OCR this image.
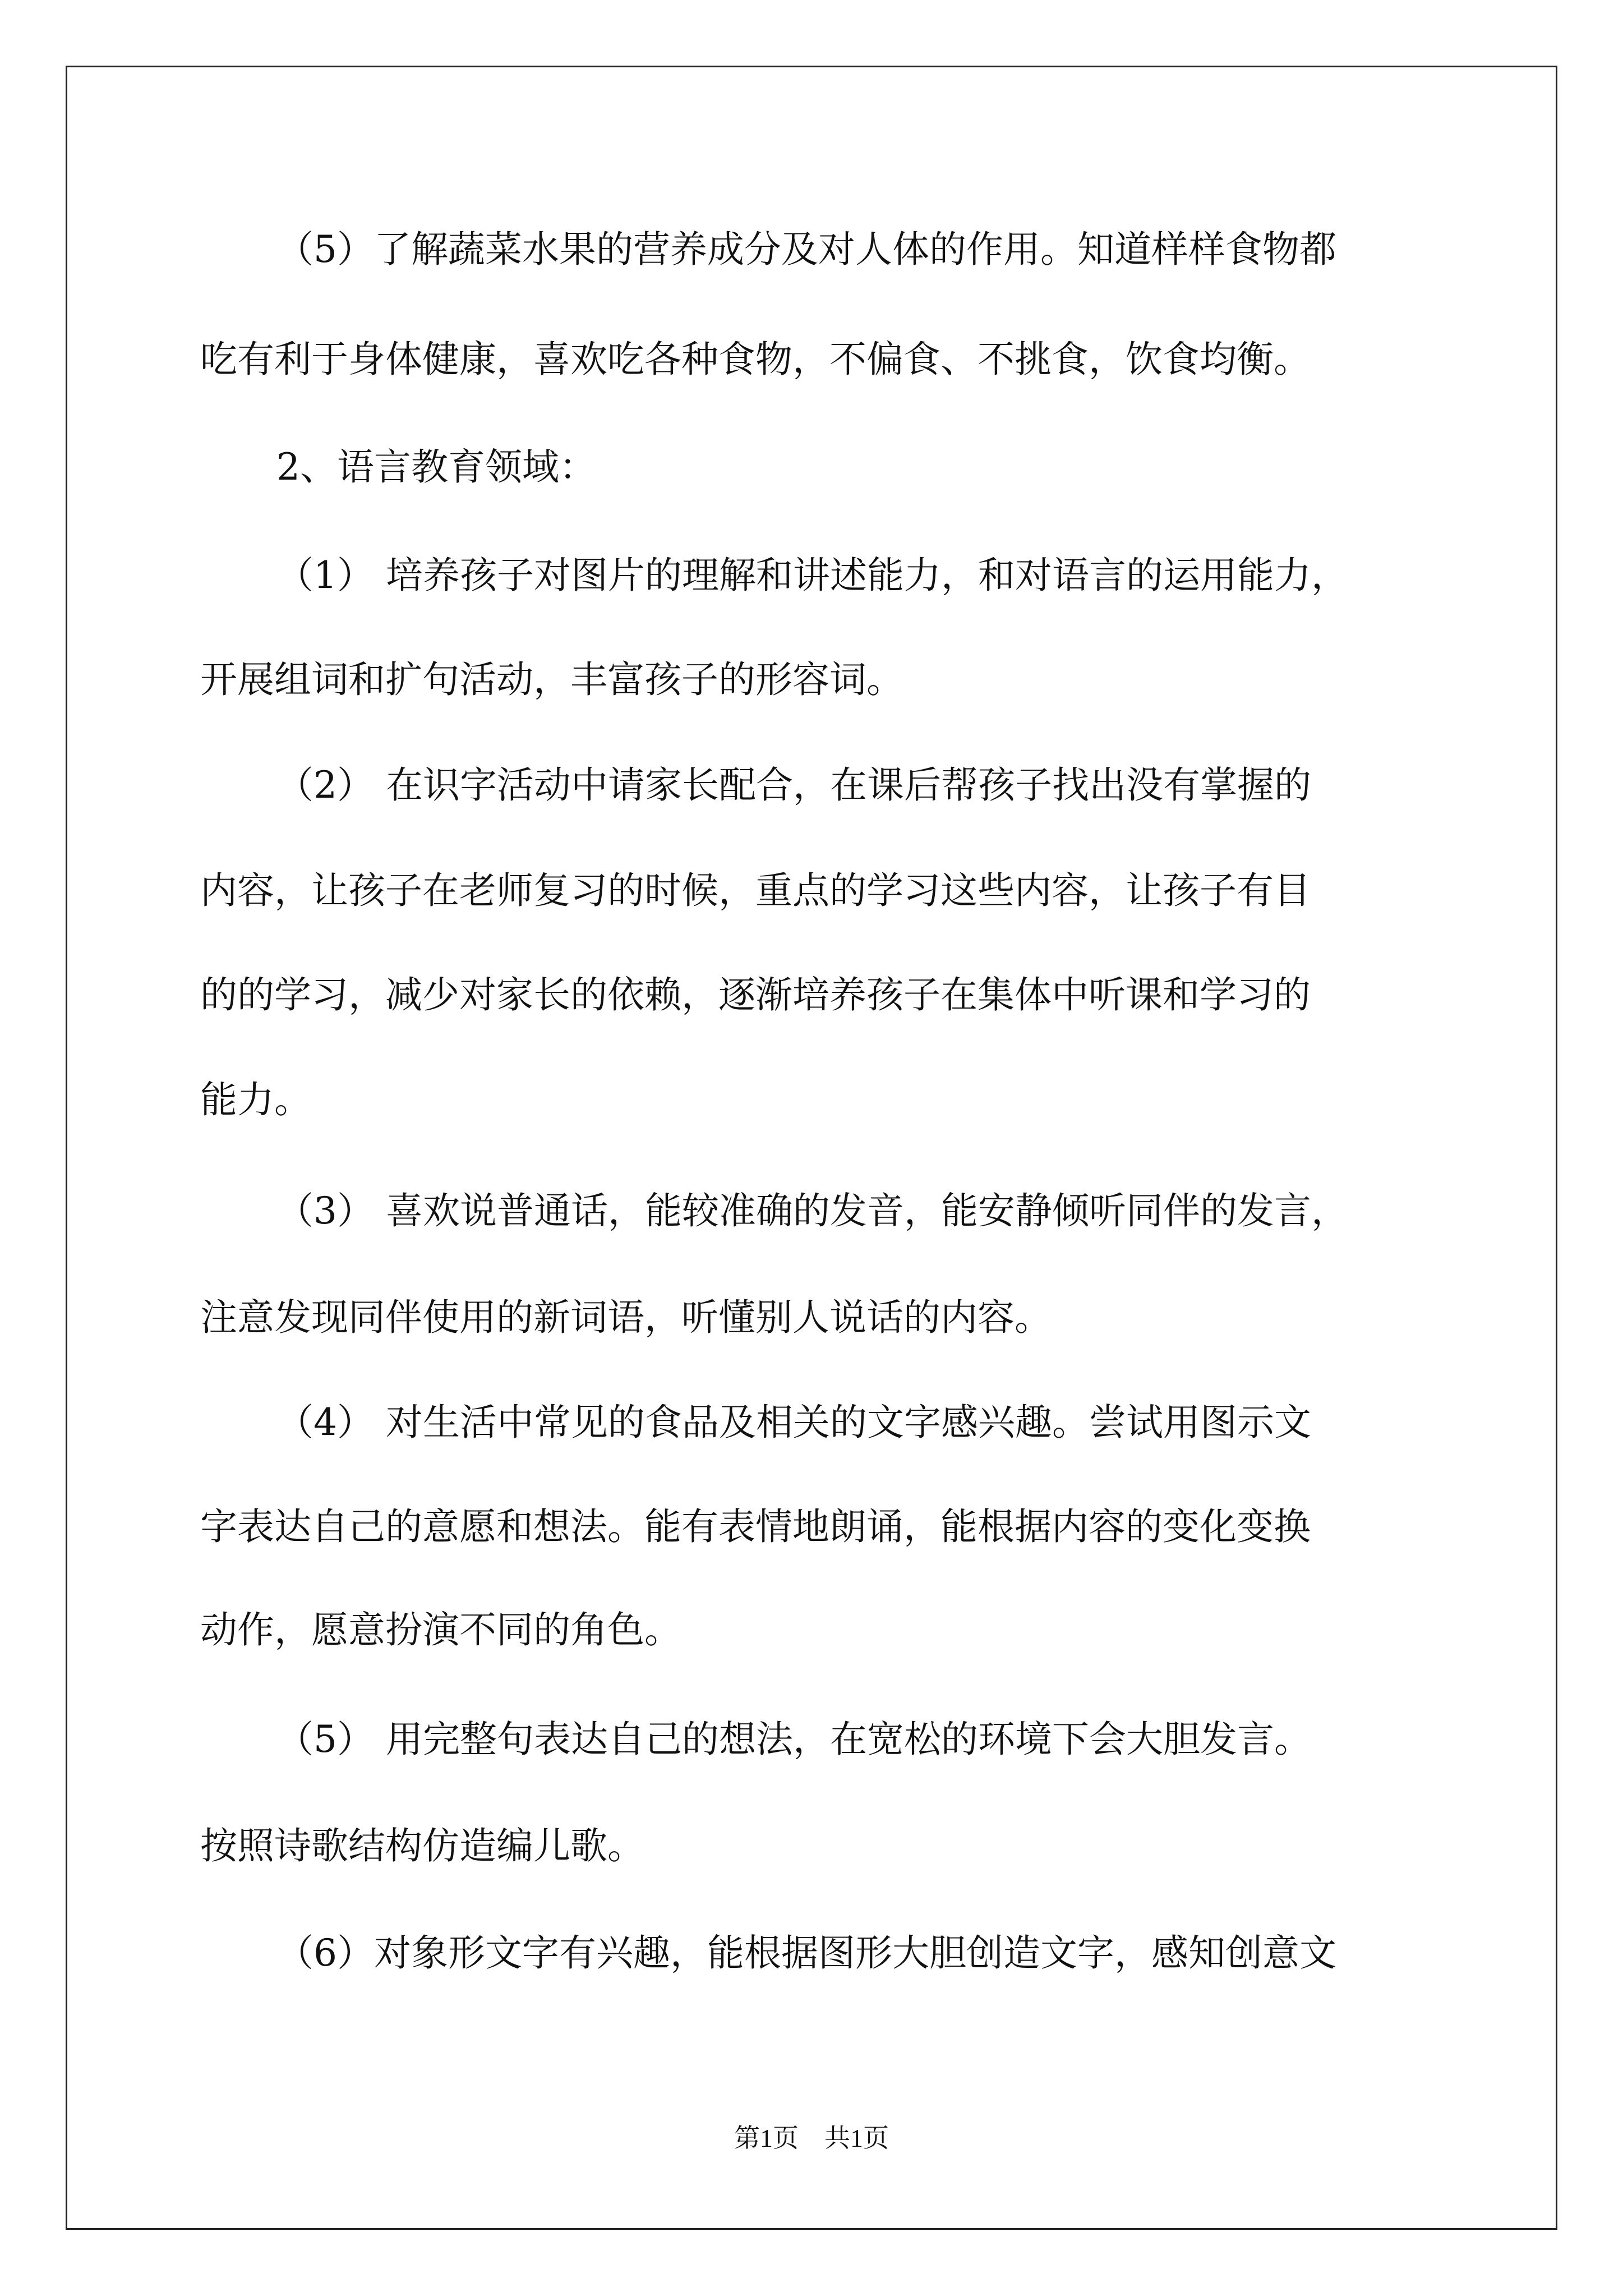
（5）了解蔬菜水果的营养成分及对人体的作用。知道样样食物都
吃有利于身体健康，喜欢吃各种食物，不偏食、不挑食，饮食均衡。
2、语言教育领域：
（1） 培养孩子对图片的理解和讲述能力，和对语言的运用能力，
开展组词和扩句活动，丰富孩子的形容词。
（2） 在识字活动中请家长配合，在课后帮孩子找出没有掌握的
内容，让孩子在老师复习的时候，重点的学习这些内容，让孩子有目
的的学习，减少对家长的依赖，逐渐培养孩子在集体中听课和学习的
能力。
（3） 喜欢说普通话，能较准确的发音，能安静倾听同伴的发言，
注意发现同伴使用的新词语，听懂别人说话的内容。
（4） 对生活中常见的食品及相关的文字感兴趣。尝试用图示文
字表达自己的意愿和想法。能有表情地朗诵，能根据内容的变化变换
动作，愿意扮演不同的角色。
（5） 用完整句表达自己的想法，在宽松的环境下会大胆发言。
按照诗歌结构仿造编儿歌。
（6）对象形文字有兴趣，能根据图形大胆创造文字，感知创意文
第1页　共1页
